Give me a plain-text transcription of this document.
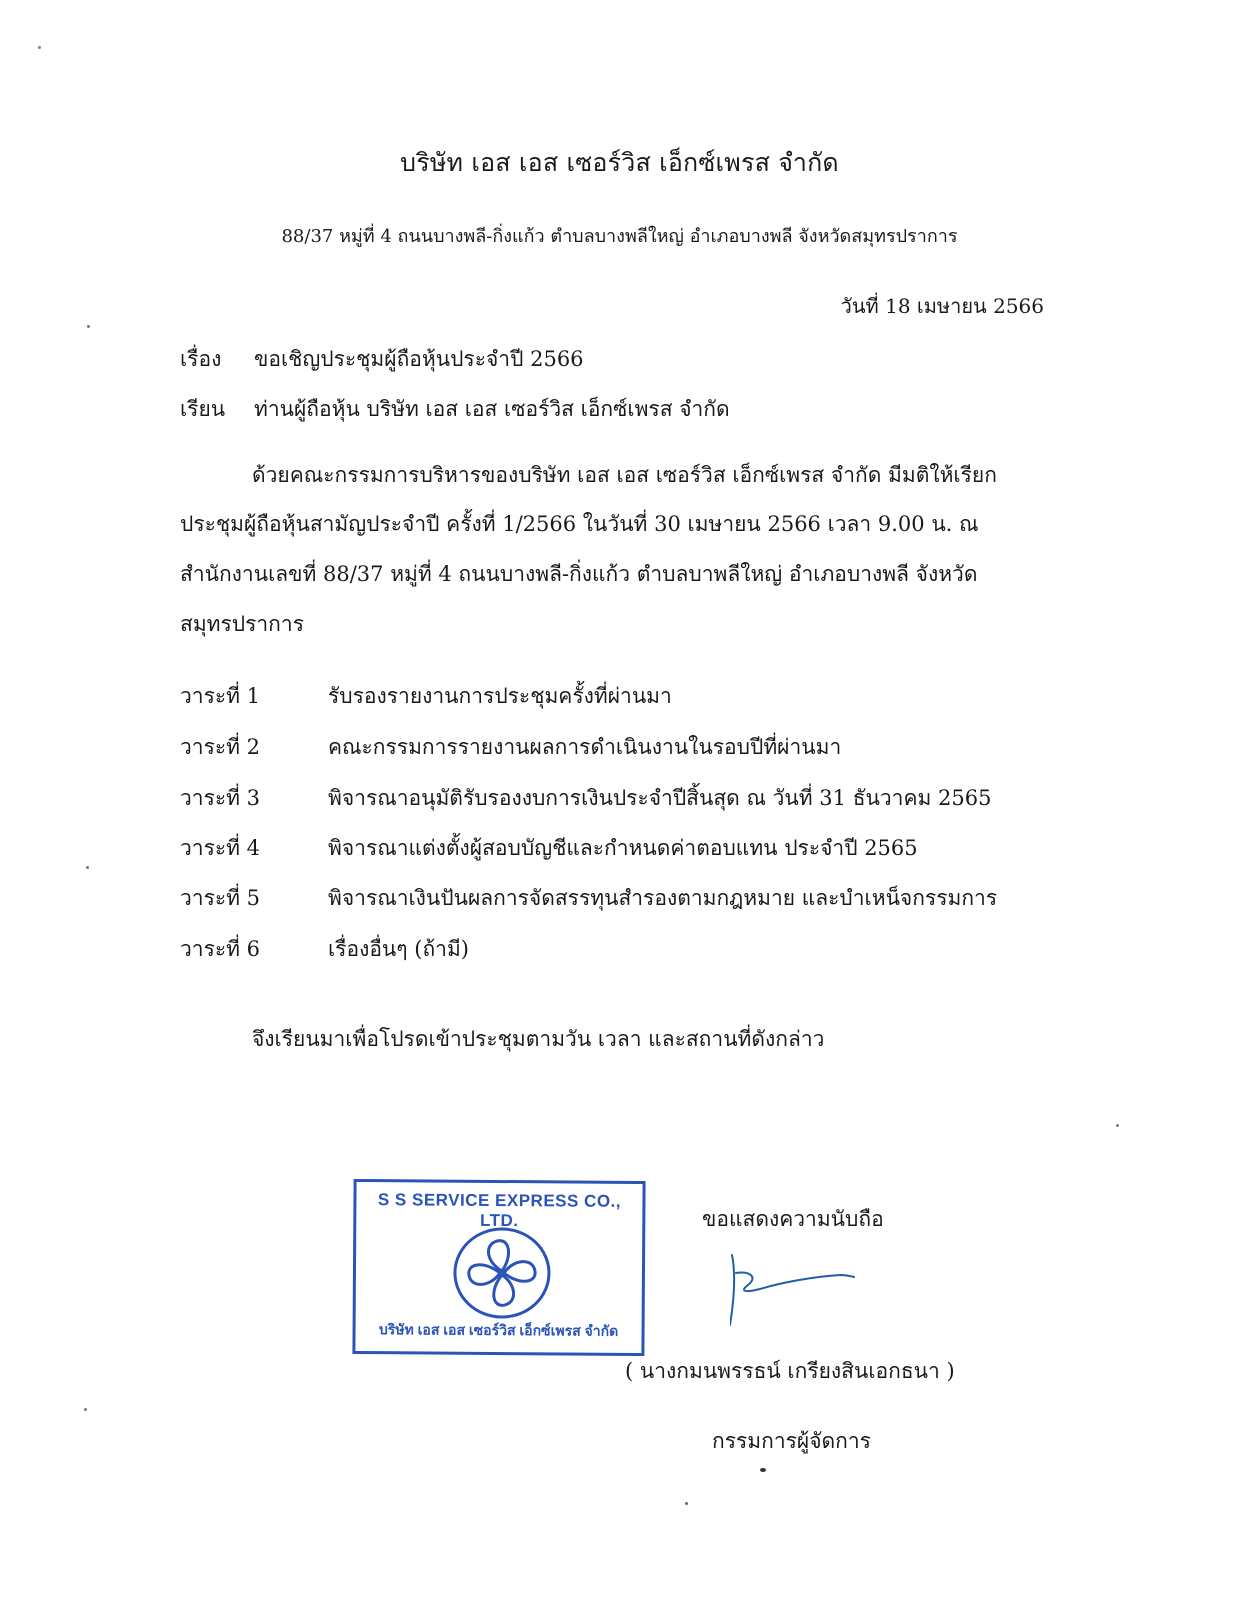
บริษัท เอส เอส เซอร์วิส เอ็กซ์เพรส จำกัด
88/37 หมู่ที่ 4 ถนนบางพลี-กิ่งแก้ว ตำบลบางพลีใหญ่ อำเภอบางพลี จังหวัดสมุทรปราการ
วันที่ 18 เมษายน 2566
เรื่อง ขอเชิญประชุมผู้ถือหุ้นประจำปี 2566
เรียน ท่านผู้ถือหุ้น บริษัท เอส เอส เซอร์วิส เอ็กซ์เพรส จำกัด
ด้วยคณะกรรมการบริหารของบริษัท เอส เอส เซอร์วิส เอ็กซ์เพรส จำกัด มีมติให้เรียก
ประชุมผู้ถือหุ้นสามัญประจำปี ครั้งที่ 1/2566 ในวันที่ 30 เมษายน 2566 เวลา 9.00 น. ณ
สำนักงานเลขที่ 88/37 หมู่ที่ 4 ถนนบางพลี-กิ่งแก้ว ตำบลบาพลีใหญ่ อำเภอบางพลี จังหวัด
สมุทรปราการ
วาระที่ 1	รับรองรายงานการประชุมครั้งที่ผ่านมา
วาระที่ 2	คณะกรรมการรายงานผลการดำเนินงานในรอบปีที่ผ่านมา
วาระที่ 3	พิจารณาอนุมัติรับรองงบการเงินประจำปีสิ้นสุด ณ วันที่ 31 ธันวาคม 2565
วาระที่ 4	พิจารณาแต่งตั้งผู้สอบบัญชีและกำหนดค่าตอบแทน ประจำปี 2565
วาระที่ 5	พิจารณาเงินปันผลการจัดสรรทุนสำรองตามกฎหมาย และบำเหน็จกรรมการ
วาระที่ 6	เรื่องอื่นๆ (ถ้ามี)
จึงเรียนมาเพื่อโปรดเข้าประชุมตามวัน เวลา และสถานที่ดังกล่าว
S S SERVICE EXPRESS CO., LTD.
บริษัท เอส เอส เซอร์วิส เอ็กซ์เพรส จำกัด
ขอแสดงความนับถือ
( นางกมนพรรธน์ เกรียงสินเอกธนา )
กรรมการผู้จัดการ
